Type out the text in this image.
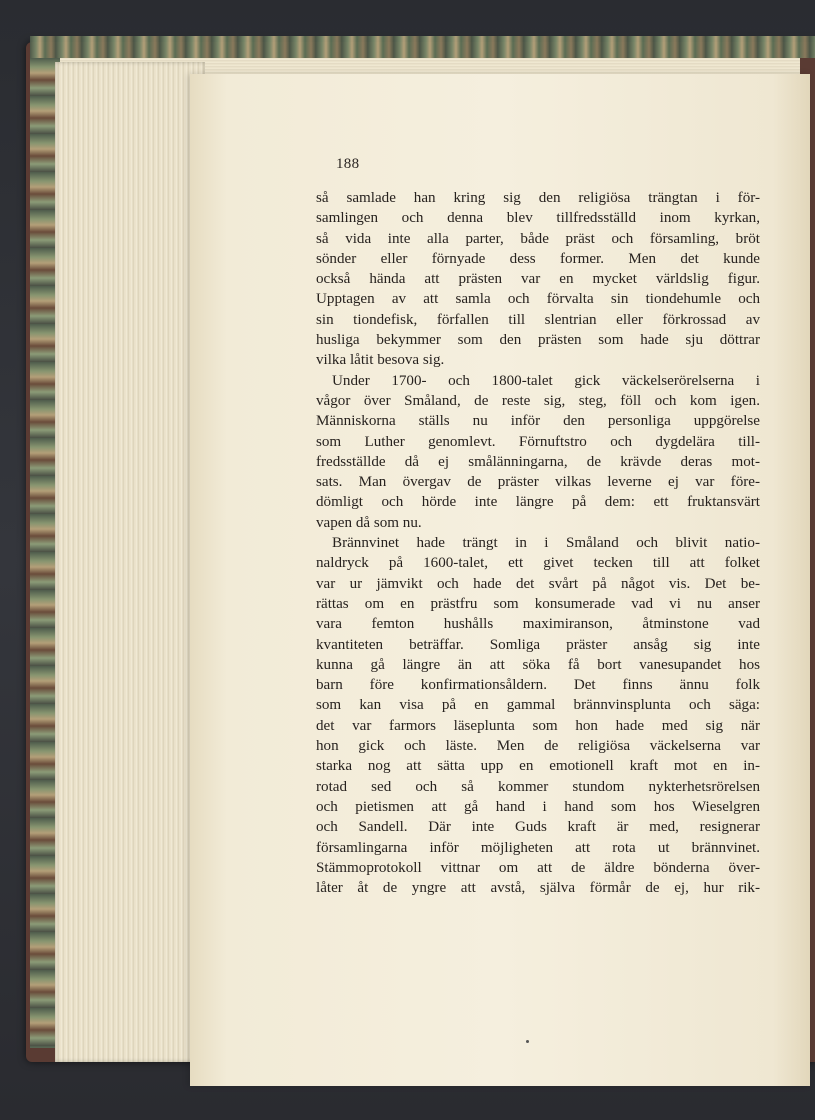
188
så samlade han kring sig den religiösa trängtan i för-
samlingen och denna blev tillfredsställd inom kyrkan,
så vida inte alla parter, både präst och församling, bröt
sönder eller förnyade dess former. Men det kunde
också hända att prästen var en mycket världslig figur.
Upptagen av att samla och förvalta sin tiondehumle och
sin tiondefisk, förfallen till slentrian eller förkrossad av
husliga bekymmer som den prästen som hade sju döttrar
vilka låtit besova sig.
Under 1700- och 1800-talet gick väckelserörelserna i
vågor över Småland, de reste sig, steg, föll och kom igen.
Människorna ställs nu inför den personliga uppgörelse
som Luther genomlevt. Förnuftstro och dygdelära till-
fredsställde då ej smålänningarna, de krävde deras mot-
sats. Man övergav de präster vilkas leverne ej var före-
dömligt och hörde inte längre på dem: ett fruktansvärt
vapen då som nu.
Brännvinet hade trängt in i Småland och blivit natio-
naldryck på 1600-talet, ett givet tecken till att folket
var ur jämvikt och hade det svårt på något vis. Det be-
rättas om en prästfru som konsumerade vad vi nu anser
vara femton hushålls maximiranson, åtminstone vad
kvantiteten beträffar. Somliga präster ansåg sig inte
kunna gå längre än att söka få bort vanesupandet hos
barn före konfirmationsåldern. Det finns ännu folk
som kan visa på en gammal brännvinsplunta och säga:
det var farmors läseplunta som hon hade med sig när
hon gick och läste. Men de religiösa väckelserna var
starka nog att sätta upp en emotionell kraft mot en in-
rotad sed och så kommer stundom nykterhetsrörelsen
och pietismen att gå hand i hand som hos Wieselgren
och Sandell. Där inte Guds kraft är med, resignerar
församlingarna inför möjligheten att rota ut brännvinet.
Stämmoprotokoll vittnar om att de äldre bönderna över-
låter åt de yngre att avstå, själva förmår de ej, hur rik-
